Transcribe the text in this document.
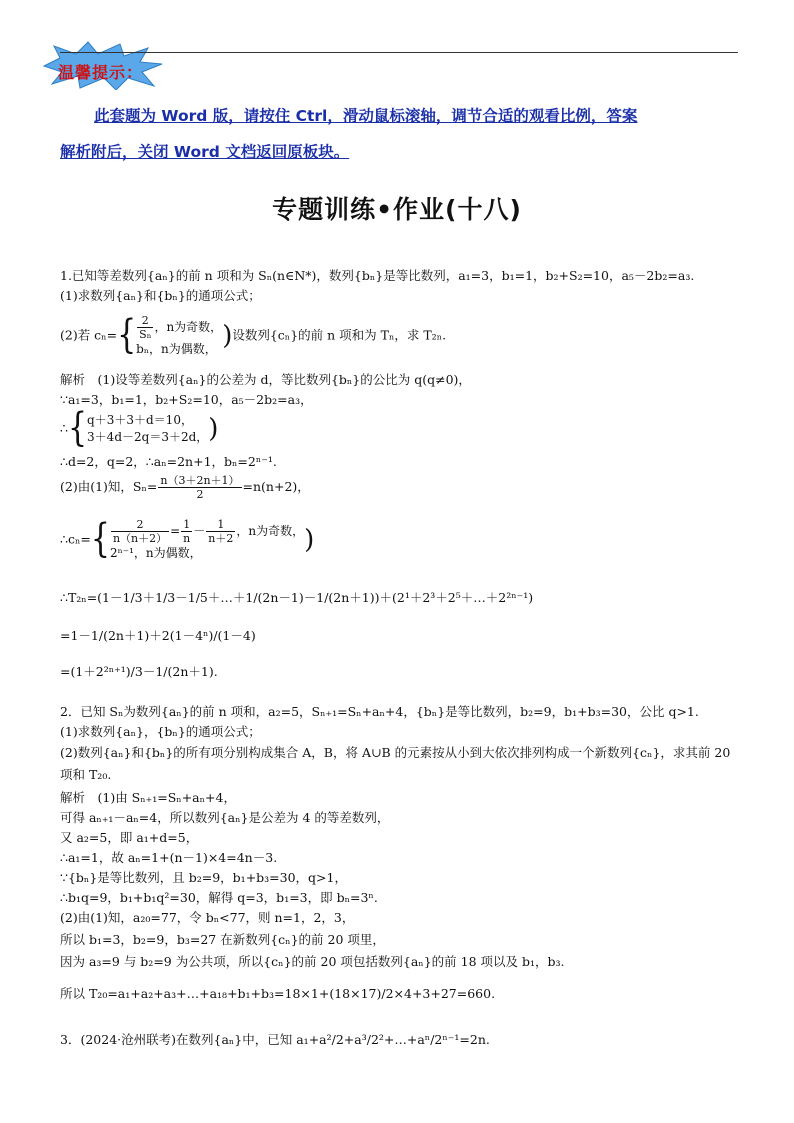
温馨提示：
此套题为 Word 版，请按住 Ctrl，滑动鼠标滚轴，调节合适的观看比例，答案
解析附后，关闭 Word 文档返回原板块。
专题训练•作业(十八)
1.已知等差数列{aₙ}的前 n 项和为 Sₙ(n∈N*)，数列{bₙ}是等比数列，a₁=3，b₁=1，b₂+S₂=10，a₅－2b₂=a₃.
(1)求数列{aₙ}和{bₙ}的通项公式；
(2)若 $c_n=\{ \frac{2}{\text{Sₙ}}$ ，n为奇数，
bₙ，n为偶数， )设数列{cₙ}的前 n 项和为 Tₙ，求 T₂ₙ.
解析　(1)设等差数列{aₙ}的公差为 d，等比数列{bₙ}的公比为 q(q≠0)，
∵a₁=3，b₁=1，b₂+S₂=10，a₅－2b₂=a₃，
∴{q＋3＋3＋d＝10，
3＋4d－2q＝3＋2d，)
∴d=2，q=2，∴aₙ=2n+1，bₙ=2ⁿ⁻¹.
(2)由(1)知，$S_n= \frac{n(3+2n+1)}{2} =n(n+2)$，
∴cₙ={ $\frac{2}{n(n+2)} = \frac{1}{n} - \frac{1}{n+2}$ ，n为奇数，
2ⁿ⁻¹，n为偶数，	)
∴T₂ₙ=(1－1/3＋1/3－1/5＋…＋1/(2n－1)－1/(2n＋1))＋(2¹＋2³＋2⁵＋…＋2²ⁿ⁻¹)
=1－1/(2n＋1)＋2(1－4ⁿ)/(1－4)
=(1＋2²ⁿ⁺¹)/3－1/(2n＋1).
2．已知 Sₙ为数列{aₙ}的前 n 项和，a₂=5，Sₙ₊₁=Sₙ+aₙ+4，{bₙ}是等比数列，b₂=9，b₁+b₃=30，公比 q>1.
(1)求数列{aₙ}，{bₙ}的通项公式；
(2)数列{aₙ}和{bₙ}的所有项分别构成集合 A，B，将 A∪B 的元素按从小到大依次排列构成一个新数列{cₙ}，求其前 20 项和 T₂₀.
解析　(1)由 Sₙ₊₁=Sₙ+aₙ+4，
可得 aₙ₊₁－aₙ=4，所以数列{aₙ}是公差为 4 的等差数列，
又 a₂=5，即 a₁+d=5，
∴a₁=1，故 aₙ=1+(n－1)×4=4n－3.
∵{bₙ}是等比数列，且 b₂=9，b₁+b₃=30，q>1，
∴b₁q=9，b₁+b₁q²=30，解得 q=3，b₁=3，即 bₙ=3ⁿ.
(2)由(1)知，a₂₀=77，令 bₙ<77，则 n=1，2，3，
所以 b₁=3，b₂=9，b₃=27 在新数列{cₙ}的前 20 项里，
因为 a₃=9 与 b₂=9 为公共项，所以{cₙ}的前 20 项包括数列{aₙ}的前 18 项以及 b₁，b₃.
所以 T₂₀=a₁+a₂+a₃+…+a₁₈+b₁+b₃=18×1+(18×17)/2×4+3+27=660.
3．(2024·沧州联考)在数列{aₙ}中，已知 a₁+a²/2+a³/2²+…+aⁿ/2ⁿ⁻¹=2n.
